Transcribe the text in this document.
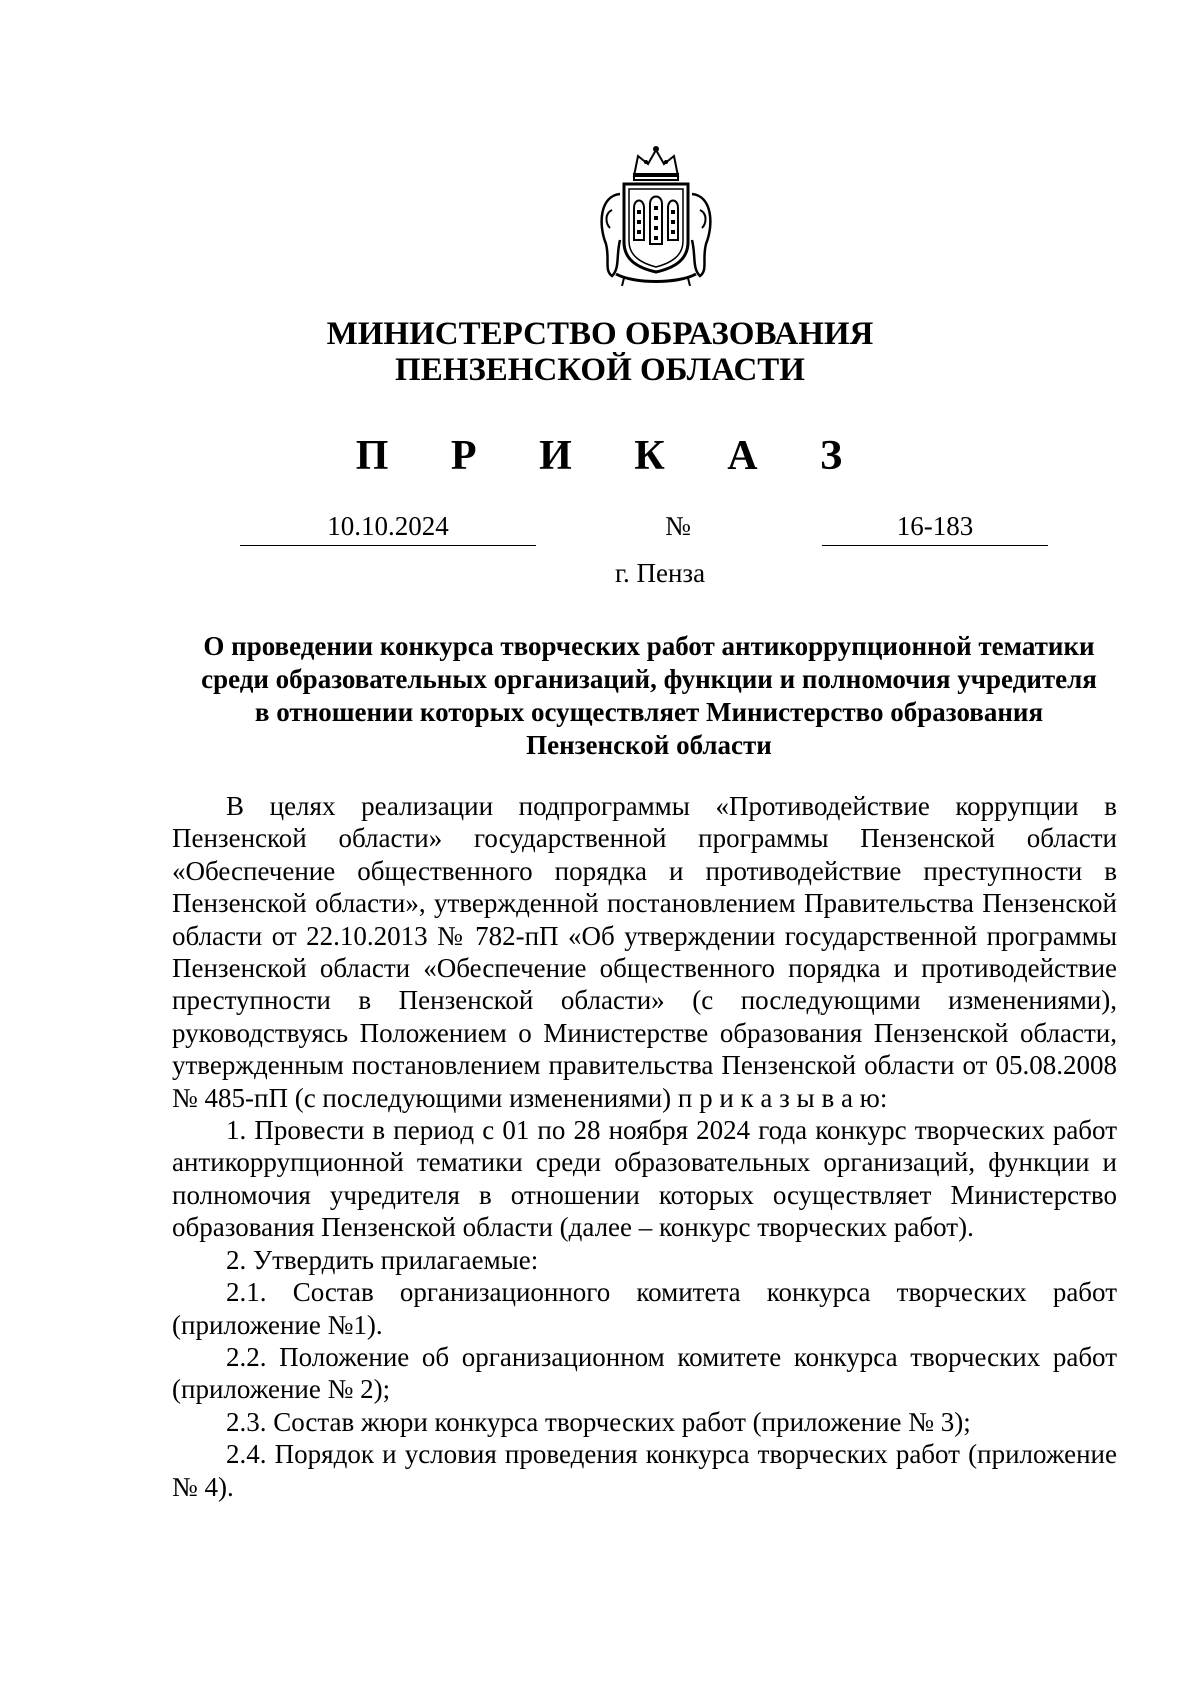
МИНИСТЕРСТВО ОБРАЗОВАНИЯ
ПЕНЗЕНСКОЙ ОБЛАСТИ
П Р И К А З
10.10.2024	№	16-183
г. Пенза
О проведении конкурса творческих работ антикоррупционной тематики
среди образовательных организаций, функции и полномочия учредителя
в отношении которых осуществляет Министерство образования
Пензенской области

В целях реализации подпрограммы «Противодействие коррупции в Пензенской области» государственной программы Пензенской области «Обеспечение общественного порядка и противодействие преступности в Пензенской области», утвержденной постановлением Правительства Пензенской области от 22.10.2013 № 782-пП «Об утверждении государственной программы Пензенской области «Обеспечение общественного порядка и противодействие преступности в Пензенской области» (с последующими изменениями), руководствуясь Положением о Министерстве образования Пензенской области, утвержденным постановлением правительства Пензенской области от 05.08.2008 № 485-пП (с последующими изменениями) п р и к а з ы в а ю:

1. Провести в период с 01 по 28 ноября 2024 года конкурс творческих работ антикоррупционной тематики среди образовательных организаций, функции и полномочия учредителя в отношении которых осуществляет Министерство образования Пензенской области (далее – конкурс творческих работ).

2. Утвердить прилагаемые:

2.1. Состав организационного комитета конкурса творческих работ (приложение №1).

2.2. Положение об организационном комитете конкурса творческих работ (приложение № 2);

2.3. Состав жюри конкурса творческих работ (приложение № 3);

2.4. Порядок и условия проведения конкурса творческих работ (приложение № 4).
